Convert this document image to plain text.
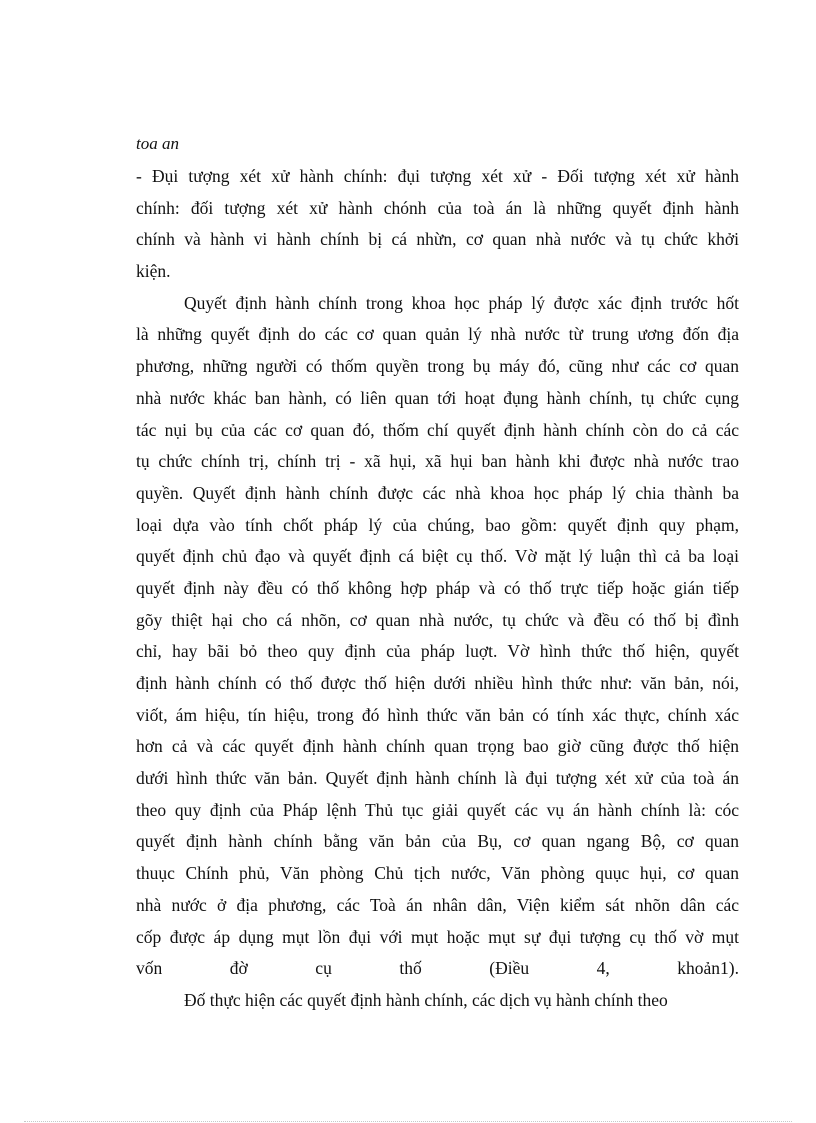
toa an
- Đụi tượng xét xử hành chính: đụi tượng xét xử - Đối tượng xét xử hành
chính: đối tượng xét xử hành chónh của toà án là những quyết định hành
chính và hành vi hành chính bị cá nhừn, cơ quan nhà nước và tụ chức khởi
kiện.
Quyết định hành chính trong khoa học pháp lý được xác định trước hốt
là những quyết định do các cơ quan quản lý nhà nước từ trung ương đốn địa
phương, những người có thốm quyền trong bụ máy đó, cũng như các cơ quan
nhà nước khác ban hành, có liên quan tới hoạt đụng hành chính, tụ chức cụng
tác nụi bụ của các cơ quan đó, thốm chí quyết định hành chính còn do cả các
tụ chức chính trị, chính trị - xã hụi, xã hụi ban hành khi được nhà nước trao
quyền. Quyết định hành chính được các nhà khoa học pháp lý chia thành ba
loại dựa vào tính chốt pháp lý của chúng, bao gồm: quyết định quy phạm,
quyết định chủ đạo và quyết định cá biệt cụ thố. Vờ mặt lý luận thì cả ba loại
quyết định này đều có thố không hợp pháp và có thố trực tiếp hoặc gián tiếp
gõy thiệt hại cho cá nhõn, cơ quan nhà nước, tụ chức và đều có thố bị đình
chỉ, hay bãi bỏ theo quy định của pháp luợt. Vờ hình thức thố hiện, quyết
định hành chính có thố được thố hiện dưới nhiều hình thức như: văn bản, nói,
viốt, ám hiệu, tín hiệu, trong đó hình thức văn bản có tính xác thực, chính xác
hơn cả và các quyết định hành chính quan trọng bao giờ cũng được thố hiện
dưới hình thức văn bản. Quyết định hành chính là đụi tượng xét xử của toà án
theo quy định của Pháp lệnh Thủ tục giải quyết các vụ án hành chính là: cóc
quyết định hành chính bằng văn bản của Bụ, cơ quan ngang Bộ, cơ quan
thuục Chính phủ, Văn phòng Chủ tịch nước, Văn phòng quục hụi, cơ quan
nhà nước ở địa phương, các Toà án nhân dân, Viện kiểm sát nhõn dân các
cốp được áp dụng mụt lồn đụi với mụt hoặc mụt sự đụi tượng cụ thố vờ mụt
vốn đờ cụ thố (Điều 4, khoản1).
Đố thực hiện các quyết định hành chính, các dịch vụ hành chính theo
